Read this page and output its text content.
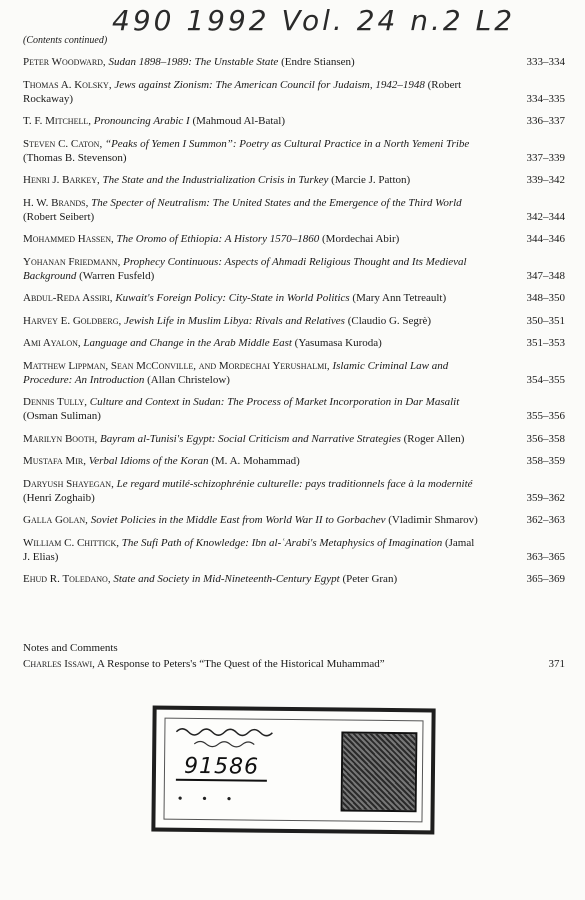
490 1992 Vol. 24 n.2 L2
(Contents continued)
Peter Woodward, Sudan 1898–1989: The Unstable State (Endre Stiansen)	333–334
Thomas A. Kolsky, Jews against Zionism: The American Council for Judaism, 1942–1948 (Robert Rockaway)	334–335
T. F. Mitchell, Pronouncing Arabic I (Mahmoud Al-Batal)	336–337
Steven C. Caton, “Peaks of Yemen I Summon”: Poetry as Cultural Practice in a North Yemeni Tribe (Thomas B. Stevenson)	337–339
Henri J. Barkey, The State and the Industrialization Crisis in Turkey (Marcie J. Patton)	339–342
H. W. Brands, The Specter of Neutralism: The United States and the Emergence of the Third World (Robert Seibert)	342–344
Mohammed Hassen, The Oromo of Ethiopia: A History 1570–1860 (Mordechai Abir)	344–346
Yohanan Friedmann, Prophecy Continuous: Aspects of Ahmadi Religious Thought and Its Medieval Background (Warren Fusfeld)	347–348
Abdul-Reda Assiri, Kuwait's Foreign Policy: City-State in World Politics (Mary Ann Tetreault)	348–350
Harvey E. Goldberg, Jewish Life in Muslim Libya: Rivals and Relatives (Claudio G. Segrè)	350–351
Ami Ayalon, Language and Change in the Arab Middle East (Yasumasa Kuroda)	351–353
Matthew Lippman, Sean McConville, and Mordechai Yerushalmi, Islamic Criminal Law and Procedure: An Introduction (Allan Christelow)	354–355
Dennis Tully, Culture and Context in Sudan: The Process of Market Incorporation in Dar Masalit (Osman Suliman)	355–356
Marilyn Booth, Bayram al-Tunisi's Egypt: Social Criticism and Narrative Strategies (Roger Allen)	356–358
Mustafa Mir, Verbal Idioms of the Koran (M. A. Mohammad)	358–359
Daryush Shayegan, Le regard mutilé-schizophrénie culturelle: pays traditionnels face à la modernité (Henri Zoghaib)	359–362
Galla Golan, Soviet Policies in the Middle East from World War II to Gorbachev (Vladimir Shmarov)	362–363
William C. Chittick, The Sufi Path of Knowledge: Ibn al-ʿArabi's Metaphysics of Imagination (Jamal J. Elias)	363–365
Ehud R. Toledano, State and Society in Mid-Nineteenth-Century Egypt (Peter Gran)	365–369
Notes and Comments
Charles Issawi, A Response to Peters's “The Quest of the Historical Muhammad”	371
91586
• • •
